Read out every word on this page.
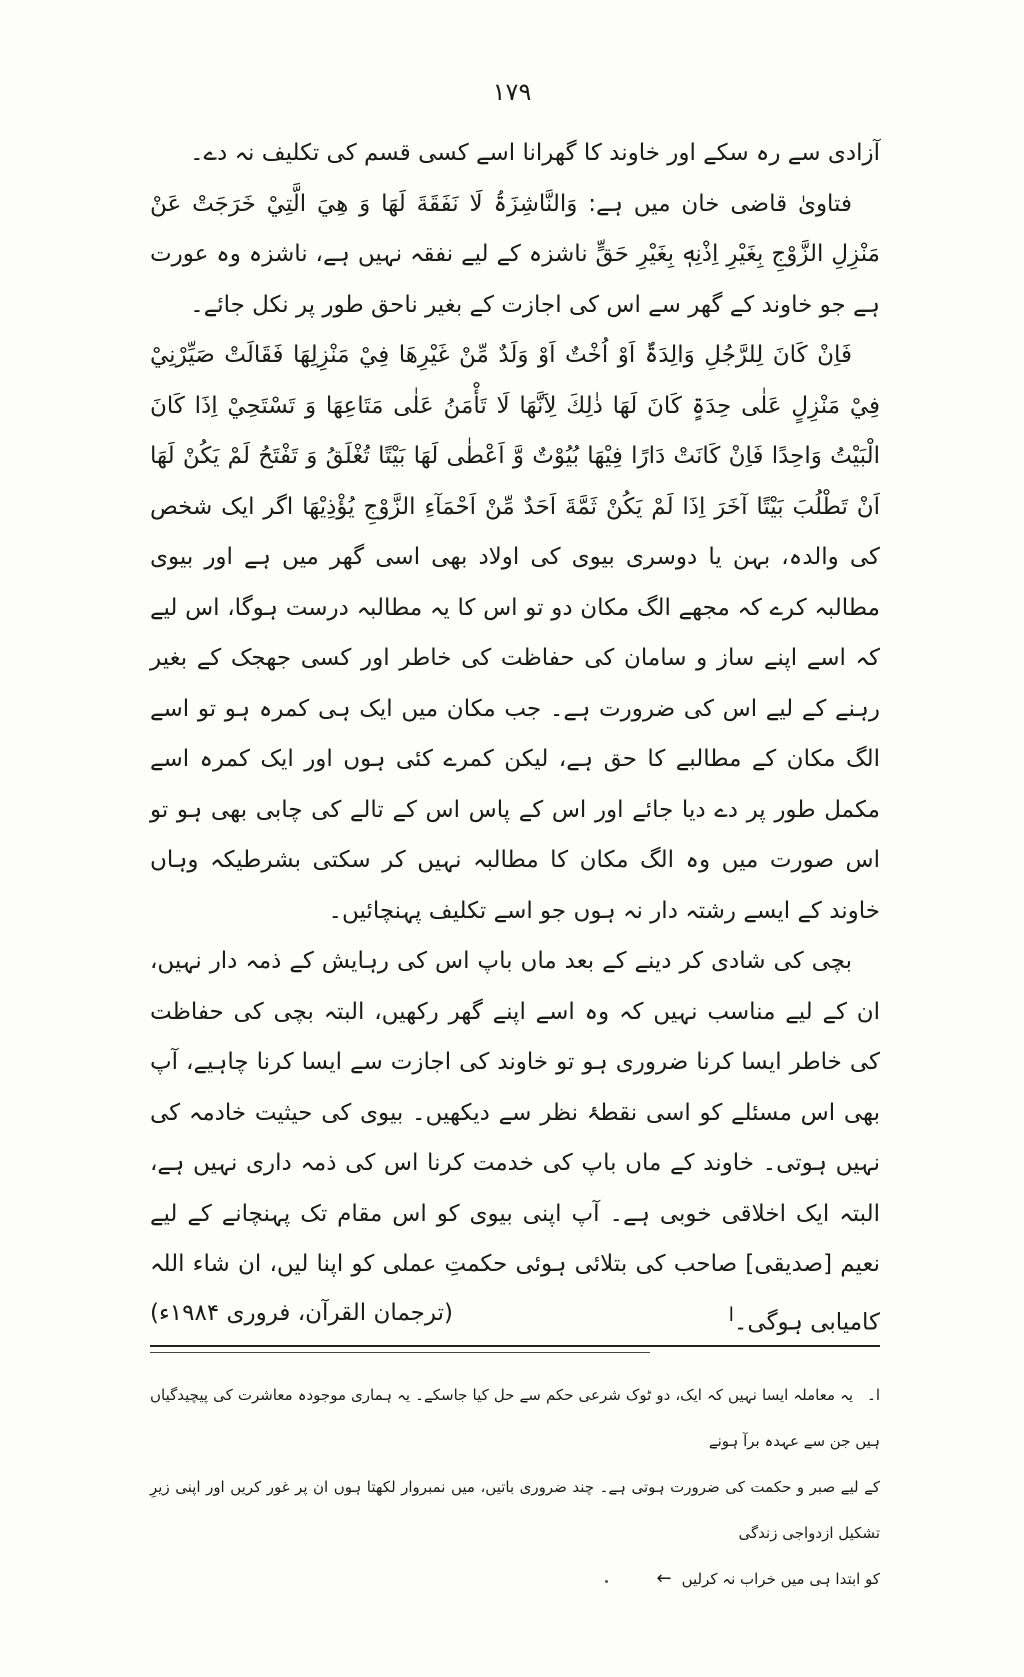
١٧٩

آزادی سے رہ سکے اور خاوند کا گھرانا اسے کسی قسم کی تکلیف نہ دے۔

فتاویٰ قاضی خان میں ہے: وَالنَّاشِزَۃُ لَا نَفَقَةَ لَهَا وَ هِيَ الَّتِيْ خَرَجَتْ عَنْ مَنْزِلِ الزَّوْجِ بِغَيْرِ اِذْنِهٖ بِغَيْرِ حَقٍّ ناشزہ کے لیے نفقہ نہیں ہے، ناشزہ وہ عورت ہے جو خاوند کے گھر سے اس کی اجازت کے بغیر ناحق طور پر نکل جائے۔

فَاِنْ كَانَ لِلرَّجُلِ وَالِدَۃٌ اَوْ اُخْتٌ اَوْ وَلَدٌ مِّنْ غَيْرِهَا فِيْ مَنْزِلِهَا فَقَالَتْ صَيِّرْنِيْ فِيْ مَنْزِلٍ عَلٰى حِدَۃٍ كَانَ لَهَا ذٰلِكَ لِاَنَّهَا لَا تَأْمَنُ عَلٰى مَتَاعِهَا وَ تَسْتَحِيْ اِذَا كَانَ الْبَيْتُ وَاحِدًا فَاِنْ كَانَتْ دَارًا فِيْهَا بُيُوْتٌ وَّ اَعْطٰى لَهَا بَيْتًا تُغْلَقُ وَ تَفْتَحُ لَمْ يَكُنْ لَهَا اَنْ تَطْلُبَ بَيْتًا آخَرَ اِذَا لَمْ يَكُنْ ثَمَّةَ اَحَدٌ مِّنْ اَحْمَآءِ الزَّوْجِ يُؤْذِيْهَا اگر ایک شخص کی والدہ، بہن یا دوسری بیوی کی اولاد بھی اسی گھر میں ہے اور بیوی مطالبہ کرے کہ مجھے الگ مکان دو تو اس کا یہ مطالبہ درست ہوگا، اس لیے کہ اسے اپنے ساز و سامان کی حفاظت کی خاطر اور کسی جھجک کے بغیر رہنے کے لیے اس کی ضرورت ہے۔ جب مکان میں ایک ہی کمرہ ہو تو اسے الگ مکان کے مطالبے کا حق ہے، لیکن کمرے کئی ہوں اور ایک کمرہ اسے مکمل طور پر دے دیا جائے اور اس کے پاس اس کے تالے کی چابی بھی ہو تو اس صورت میں وہ الگ مکان کا مطالبہ نہیں کر سکتی بشرطیکہ وہاں خاوند کے ایسے رشتہ دار نہ ہوں جو اسے تکلیف پہنچائیں۔

بچی کی شادی کر دینے کے بعد ماں باپ اس کی رہایش کے ذمہ دار نہیں، ان کے لیے مناسب نہیں کہ وہ اسے اپنے گھر رکھیں، البتہ بچی کی حفاظت کی خاطر ایسا کرنا ضروری ہو تو خاوند کی اجازت سے ایسا کرنا چاہیے، آپ بھی اس مسئلے کو اسی نقطۂ نظر سے دیکھیں۔ بیوی کی حیثیت خادمہ کی نہیں ہوتی۔ خاوند کے ماں باپ کی خدمت کرنا اس کی ذمہ داری نہیں ہے، البتہ ایک اخلاقی خوبی ہے۔ آپ اپنی بیوی کو اس مقام تک پہنچانے کے لیے نعیم [صدیقی] صاحب کی بتلائی ہوئی حکمتِ عملی کو اپنا لیں، ان شاء اللہ کامیابی ہوگی۔$^ا$

(ترجمان القرآن، فروری ۱۹۸۴ء)

ا۔یہ معاملہ ایسا نہیں کہ ایک، دو ٹوک شرعی حکم سے حل کیا جاسکے۔ یہ ہماری موجودہ معاشرت کی پیچیدگیاں ہیں جن سے عہدہ برآ ہونے

کے لیے صبر و حکمت کی ضرورت ہوتی ہے۔ چند ضروری باتیں، میں نمبروار لکھتا ہوں ان پر غور کریں اور اپنی زیرِ تشکیل ازدواجی زندگی

کو ابتدا ہی میں خراب نہ کرلیں←
